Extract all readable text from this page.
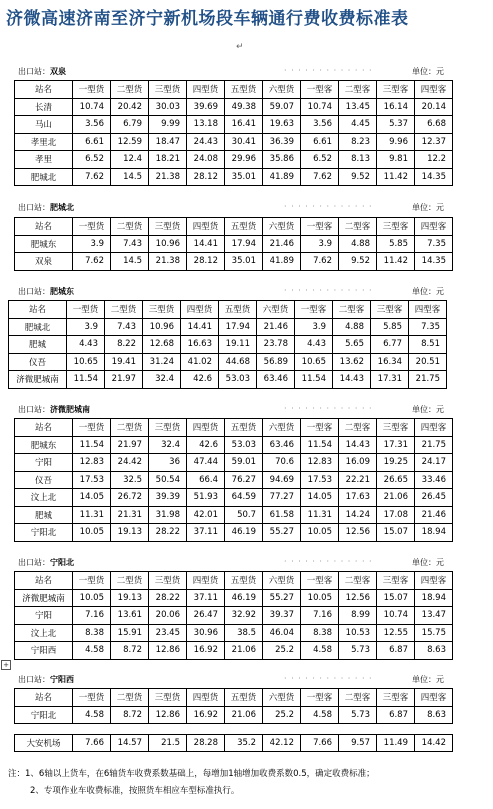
济微高速济南至济宁新机场段车辆通行费收费标准表
↵
+
出口站：双泉	· · · · · · · · · · · · ·	单位：元
站名	一型货	二型货	三型货	四型货	五型货	六型货	一型客	二型客	三型客	四型客
长清	10.74	20.42	30.03	39.69	49.38	59.07	10.74	13.45	16.14	20.14
马山	3.56	6.79	9.99	13.18	16.41	19.63	3.56	4.45	5.37	6.68
孝里北	6.61	12.59	18.47	24.43	30.41	36.39	6.61	8.23	9.96	12.37
孝里	6.52	12.4	18.21	24.08	29.96	35.86	6.52	8.13	9.81	12.2
肥城北	7.62	14.5	21.38	28.12	35.01	41.89	7.62	9.52	11.42	14.35
出口站：肥城北	· · · · · · · · · · · · ·	单位：元
站名	一型货	二型货	三型货	四型货	五型货	六型货	一型客	二型客	三型客	四型客
肥城东	3.9	7.43	10.96	14.41	17.94	21.46	3.9	4.88	5.85	7.35
双泉	7.62	14.5	21.38	28.12	35.01	41.89	7.62	9.52	11.42	14.35
出口站：肥城东	· · · · · · · · · · · · ·	单位：元
站名	一型货	二型货	三型货	四型货	五型货	六型货	一型客	二型客	三型客	四型客
肥城北	3.9	7.43	10.96	14.41	17.94	21.46	3.9	4.88	5.85	7.35
肥城	4.43	8.22	12.68	16.63	19.11	23.78	4.43	5.65	6.77	8.51
仪吾	10.65	19.41	31.24	41.02	44.68	56.89	10.65	13.62	16.34	20.51
济微肥城南	11.54	21.97	32.4	42.6	53.03	63.46	11.54	14.43	17.31	21.75
出口站：济微肥城南	· · · · · · · · · · · · ·	单位：元
站名	一型货	二型货	三型货	四型货	五型货	六型货	一型客	二型客	三型客	四型客
肥城东	11.54	21.97	32.4	42.6	53.03	63.46	11.54	14.43	17.31	21.75
宁阳	12.83	24.42	36	47.44	59.01	70.6	12.83	16.09	19.25	24.17
仪吾	17.53	32.5	50.54	66.4	76.27	94.69	17.53	22.21	26.65	33.46
汶上北	14.05	26.72	39.39	51.93	64.59	77.27	14.05	17.63	21.06	26.45
肥城	11.31	21.31	31.98	42.01	50.7	61.58	11.31	14.24	17.08	21.46
宁阳北	10.05	19.13	28.22	37.11	46.19	55.27	10.05	12.56	15.07	18.94
出口站：宁阳北	· · · · · · · · · · · · ·	单位：元
站名	一型货	二型货	三型货	四型货	五型货	六型货	一型客	二型客	三型客	四型客
济微肥城南	10.05	19.13	28.22	37.11	46.19	55.27	10.05	12.56	15.07	18.94
宁阳	7.16	13.61	20.06	26.47	32.92	39.37	7.16	8.99	10.74	13.47
汶上北	8.38	15.91	23.45	30.96	38.5	46.04	8.38	10.53	12.55	15.75
宁阳西	4.58	8.72	12.86	16.92	21.06	25.2	4.58	5.73	6.87	8.63
出口站：宁阳西	· · · · · · · · · · · · ·	单位：元
站名	一型货	二型货	三型货	四型货	五型货	六型货	一型客	二型客	三型客	四型客
宁阳北	4.58	8.72	12.86	16.92	21.06	25.2	4.58	5.73	6.87	8.63
大安机场	7.66	14.57	21.5	28.28	35.2	42.12	7.66	9.57	11.49	14.42
注：1、6轴以上货车，在6轴货车收费系数基础上，每增加1轴增加收费系数0.5，确定收费标准；
2、专项作业车收费标准，按照货车相应车型标准执行。
